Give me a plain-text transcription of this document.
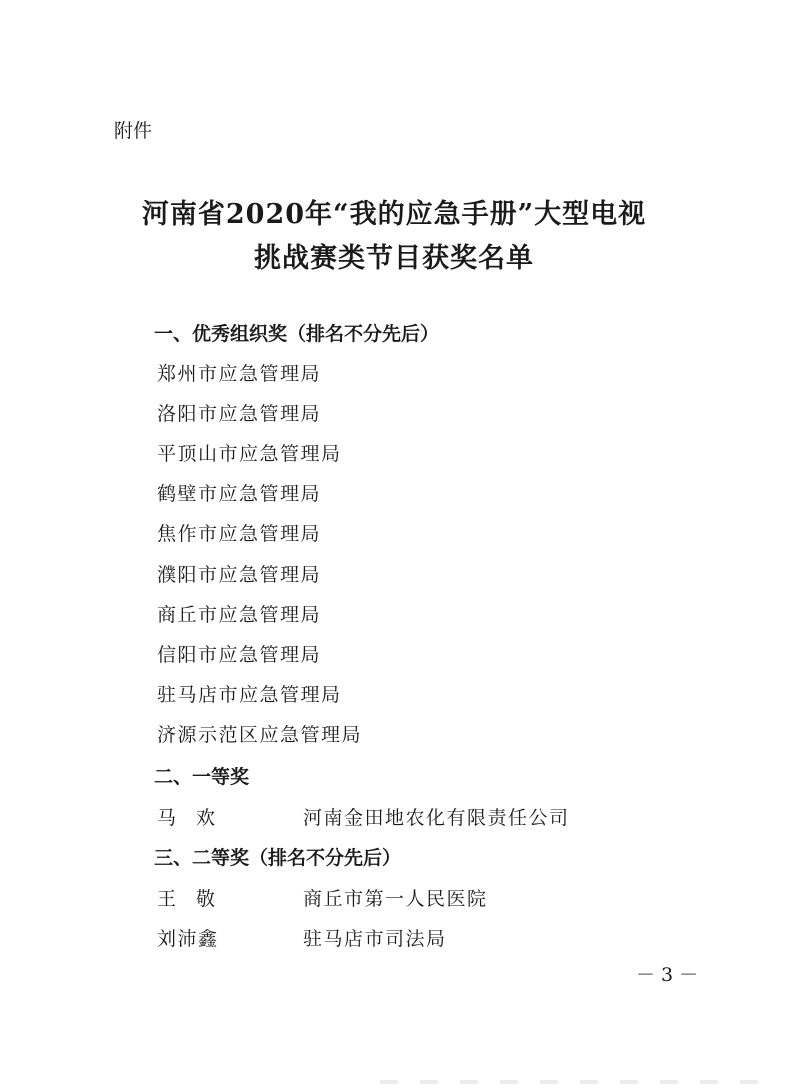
附件
河南省2020年“我的应急手册”大型电视
挑战赛类节目获奖名单
一、优秀组织奖（排名不分先后）
郑州市应急管理局
洛阳市应急管理局
平顶山市应急管理局
鹤壁市应急管理局
焦作市应急管理局
濮阳市应急管理局
商丘市应急管理局
信阳市应急管理局
驻马店市应急管理局
济源示范区应急管理局
二、一等奖
马欢	河南金田地农化有限责任公司
三、二等奖（排名不分先后）
王敬	商丘市第一人民医院
刘沛鑫	驻马店市司法局
－ 3 －
